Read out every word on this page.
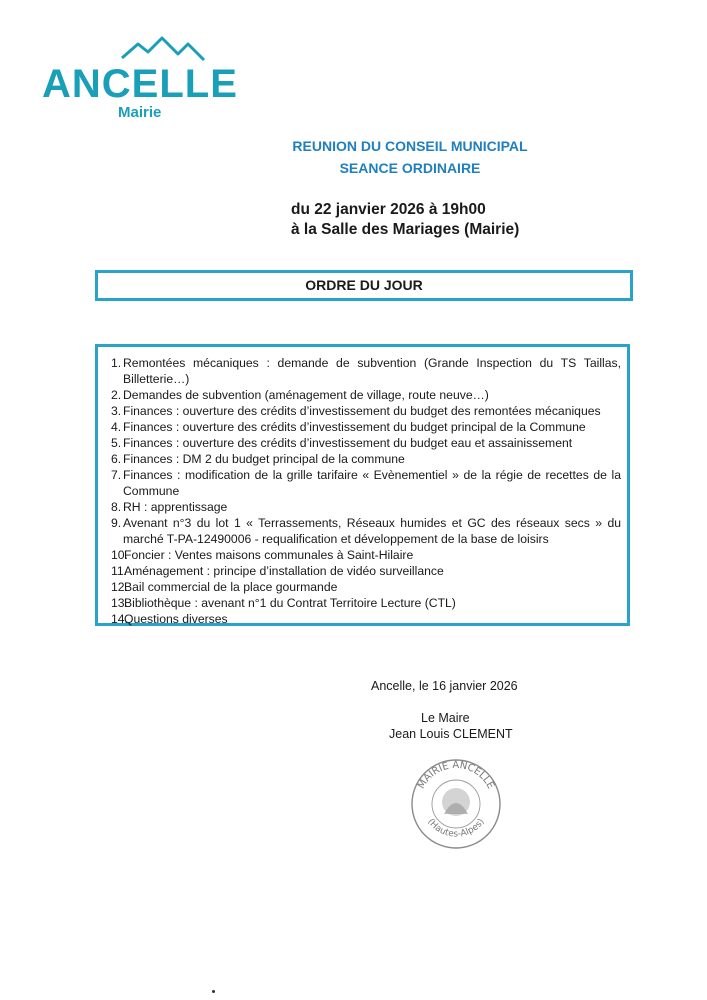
ANCELLE
Mairie
REUNION DU CONSEIL MUNICIPAL
SEANCE ORDINAIRE
du 22 janvier 2026 à 19h00
à la Salle des Mariages (Mairie)
ORDRE DU JOUR
1. Remontées mécaniques : demande de subvention (Grande Inspection du TS Taillas, Billetterie…)
2. Demandes de subvention (aménagement de village, route neuve…)
3. Finances : ouverture des crédits d’investissement du budget des remontées mécaniques
4. Finances : ouverture des crédits d’investissement du budget principal de la Commune
5. Finances : ouverture des crédits d’investissement du budget eau et assainissement
6. Finances : DM 2 du budget principal de la commune
7. Finances : modification de la grille tarifaire « Evènementiel » de la régie de recettes de la Commune
8. RH : apprentissage
9. Avenant n°3 du lot 1 « Terrassements, Réseaux humides et GC des réseaux secs » du marché T-PA-12490006 - requalification et développement de la base de loisirs
10.
Foncier : Ventes maisons communales à Saint-Hilaire
11.
Aménagement : principe d’installation de vidéo surveillance
12.
Bail commercial de la place gourmande
13.
Bibliothèque : avenant n°1 du Contrat Territoire Lecture (CTL)
14.
Questions diverses
Ancelle, le 16 janvier 2026
Le Maire
Jean Louis CLEMENT
MAIRIE ANCELLE
(Hautes-Alpes)
